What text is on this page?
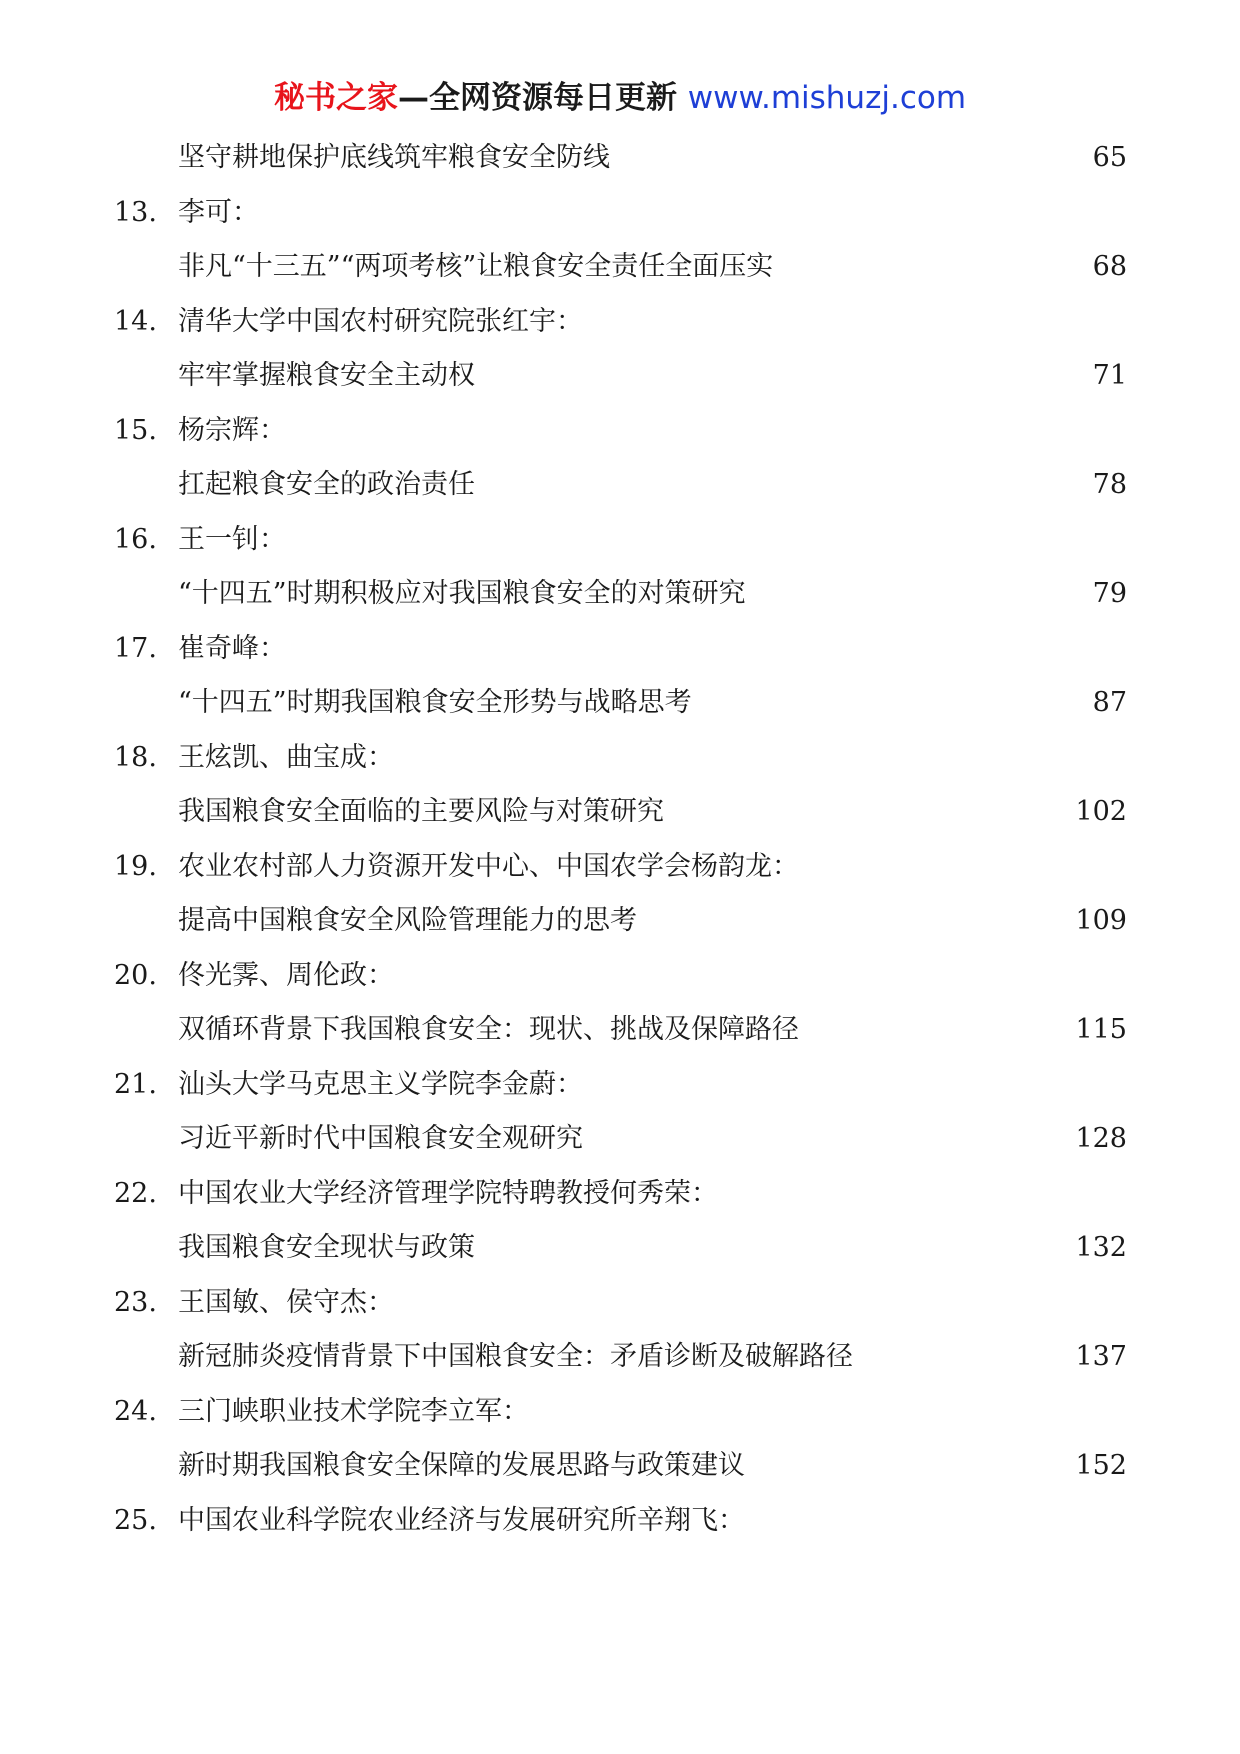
秘书之家—全网资源每日更新 www.mishuzj.com
坚守耕地保护底线筑牢粮食安全防线	65
13. 李可：
非凡“十三五”“两项考核”让粮食安全责任全面压实	68
14. 清华大学中国农村研究院张红宇：
牢牢掌握粮食安全主动权	71
15. 杨宗辉：
扛起粮食安全的政治责任	78
16. 王一钊：
“十四五”时期积极应对我国粮食安全的对策研究	79
17. 崔奇峰：
“十四五”时期我国粮食安全形势与战略思考	87
18. 王炫凯、曲宝成：
我国粮食安全面临的主要风险与对策研究	102
19. 农业农村部人力资源开发中心、中国农学会杨韵龙：
提高中国粮食安全风险管理能力的思考	109
20. 佟光霁、周伦政：
双循环背景下我国粮食安全：现状、挑战及保障路径	115
21. 汕头大学马克思主义学院李金蔚：
习近平新时代中国粮食安全观研究	128
22. 中国农业大学经济管理学院特聘教授何秀荣：
我国粮食安全现状与政策	132
23. 王国敏、侯守杰：
新冠肺炎疫情背景下中国粮食安全：矛盾诊断及破解路径	137
24. 三门峡职业技术学院李立军：
新时期我国粮食安全保障的发展思路与政策建议	152
25. 中国农业科学院农业经济与发展研究所辛翔飞：
